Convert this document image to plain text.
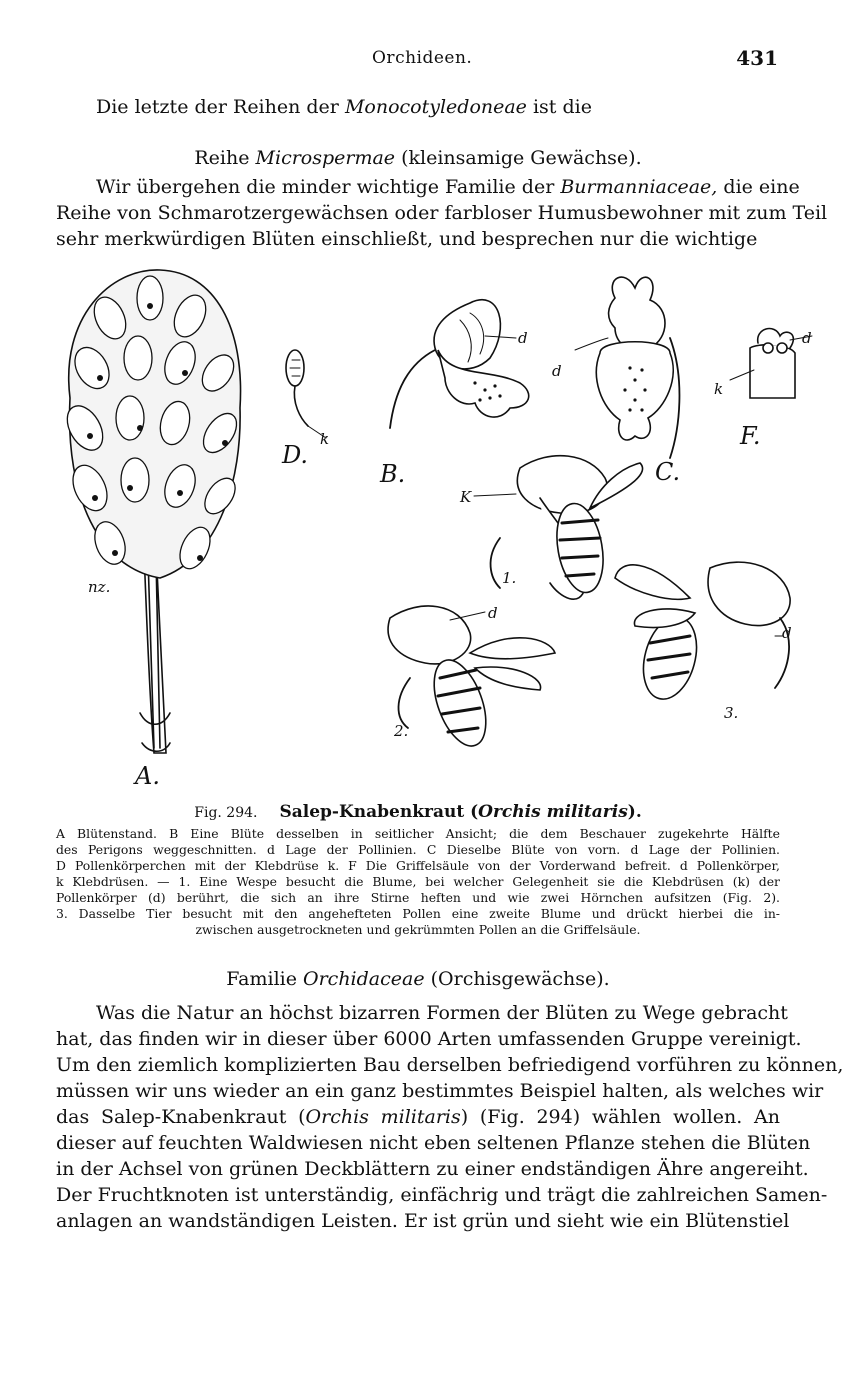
Orchideen.	431
Die letzte der Reihen der Monocotyledoneae ist die
Reihe Microspermae (kleinsamige Gewächse).
Wir übergehen die minder wichtige Familie der Burmanniaceae, die eine
Reihe von Schmarotzergewächsen oder farbloser Humusbewohner mit zum Teil
sehr merkwürdigen Blüten einschließt, und besprechen nur die wichtige
A.
B.	C.
D.
F.
1.
2.
3.
d
d
d
d
d
k
k
K
nz.
Fig. 294. Salep-Knabenkraut (Orchis militaris).
A Blütenstand. B Eine Blüte desselben in seitlicher Ansicht; die dem Beschauer zugekehrte Hälfte
des Perigons weggeschnitten. d Lage der Pollinien. C Dieselbe Blüte von vorn. d Lage der Pollinien.
D Pollenkörperchen mit der Klebdrüse k. F Die Griffelsäule von der Vorderwand befreit. d Pollenkörper,
k Klebdrüsen. — 1. Eine Wespe besucht die Blume, bei welcher Gelegenheit sie die Klebdrüsen (k) der
Pollenkörper (d) berührt, die sich an ihre Stirne heften und wie zwei Hörnchen aufsitzen (Fig. 2).
3. Dasselbe Tier besucht mit den angehefteten Pollen eine zweite Blume und drückt hierbei die in-
zwischen ausgetrockneten und gekrümmten Pollen an die Griffelsäule.
Familie Orchidaceae (Orchisgewächse).
Was die Natur an höchst bizarren Formen der Blüten zu Wege gebracht
hat, das finden wir in dieser über 6000 Arten umfassenden Gruppe vereinigt.
Um den ziemlich komplizierten Bau derselben befriedigend vorführen zu können,
müssen wir uns wieder an ein ganz bestimmtes Beispiel halten, als welches wir
das Salep-Knabenkraut (Orchis militaris) (Fig. 294) wählen wollen. An
dieser auf feuchten Waldwiesen nicht eben seltenen Pflanze stehen die Blüten
in der Achsel von grünen Deckblättern zu einer endständigen Ähre angereiht.
Der Fruchtknoten ist unterständig, einfächrig und trägt die zahlreichen Samen-
anlagen an wandständigen Leisten. Er ist grün und sieht wie ein Blütenstiel
